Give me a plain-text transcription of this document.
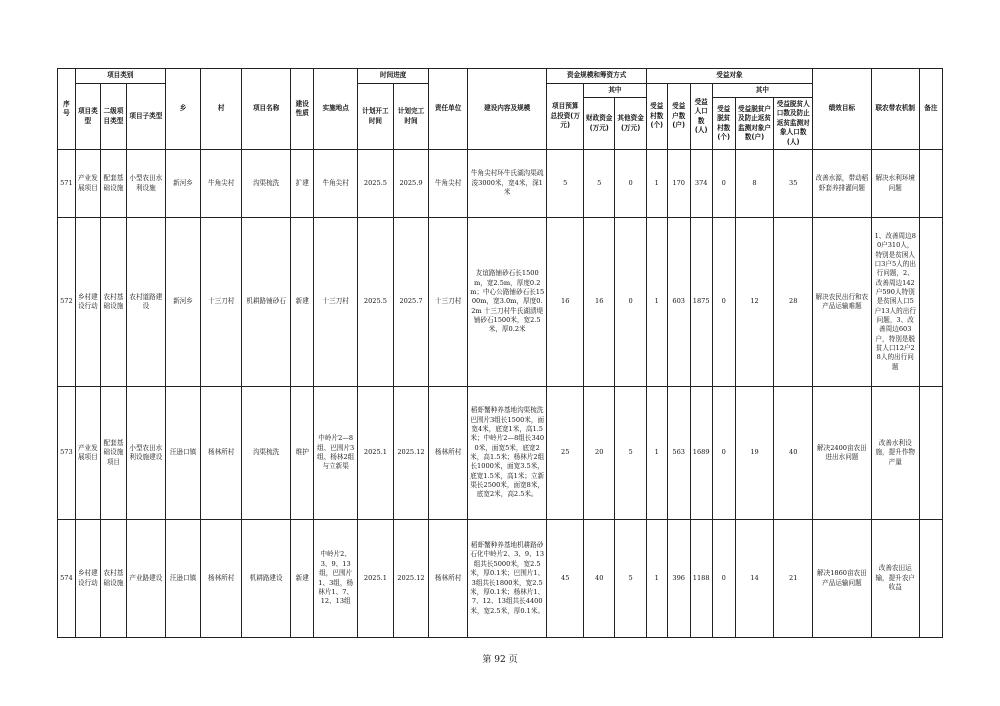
序号	项目类别			乡	村	项目名称	建设性质	实施地点	时间进度		责任单位	建设内容及规模	资金规模和筹资方式			受益对象						绩效目标	联农带农机制	备注
	项目类型	二级项目类型	项目子类型						计划开工时间	计划完工时间			项目预算总投资(万元)	其中		受益村数(个)	受益户数(户)	受益人口数(人)	其中					
														财政资金(万元)	其他资金(万元)				受益脱贫村数(个)	受益脱贫户及防止返贫监测对象户数(户)	受益脱贫人口数及防止返贫监测对象人口数(人)			
571	产业发展项目	配套基础设施	小型农田水利设施	新河乡	牛角尖村	沟渠梳洗	扩建	牛角尖村	2025.5	2025.9	牛角尖村	牛角尖村环牛氏湖沟渠疏浚3000米，宽4米，深1米	5	5	0	1	170	374	0	8	35	改善水源，带动稻虾套养排灌问题	解决水利环境问题	
572	乡村建设行动	农村基础设施	农村道路建设	新河乡	十三刀村	机耕路铺砂石	新建	十三刀村	2025.5	2025.7	十三刀村	友谊路铺砂石长1500m，宽2.5m，厚度0.2m；中心公路铺砂石长1500m，宽3.0m，厚度0.2m 十三刀村牛氏湖渍堤铺砂石1500米，宽2.5米，厚0.2米	16	16	0	1	603	1875	0	12	28	解决农民出行和农产品运输难题	1、改善周边80户310人，特别是贫困人口3户5人的出行问题，2、改善周边142户590人特别是贫困人口5户13人的出行问题，3、改善周边603户，特别是脱贫人口12户28人的出行问题	
573	产业发展项目	配套基础设施项目	小型农田水利设施建设	汪逊口镇	杨林所村	沟渠梳洗	维护	中岭片2—8组、巴围片3组、杨林2组与立新渠	2025.1	2025.12	杨林所村	稻虾蟹种养基地沟渠梳洗巴围片3组长1500米，面宽4米，底宽1米，高1.5米；中岭片2—8组长3400米，面宽5米，底宽2米，高1.5米；杨林片2组长1000米，面宽3.5米，底宽1.5米，高1米；立新渠长2500米，面宽8米，底宽2米，高2.5米。	25	20	5	1	563	1689	0	19	40	解决2400亩农田进出水问题	改善水利设施，提升作物产量	
574	乡村建设行动	农村基础设施	产业路建设	汪逊口镇	杨林所村	机耕路建设	新建	中岭片2、3、9、13组，巴围片1、3组，杨林片1、7、12、13组	2025.1	2025.12	杨林所村	稻虾蟹种养基地机耕路砂石化中岭片2、3、9、13组共长5000米，宽2.5米，厚0.1米；巴围片1、3组共长1800米，宽2.5米，厚0.1米；杨林片1、7、12、13组共长4400米，宽2.5米，厚0.1米。	45	40	5	1	396	1188	0	14	21	解决1860亩农田产品运输问题	改善农田运输，提升农户收益	
第 92 页
